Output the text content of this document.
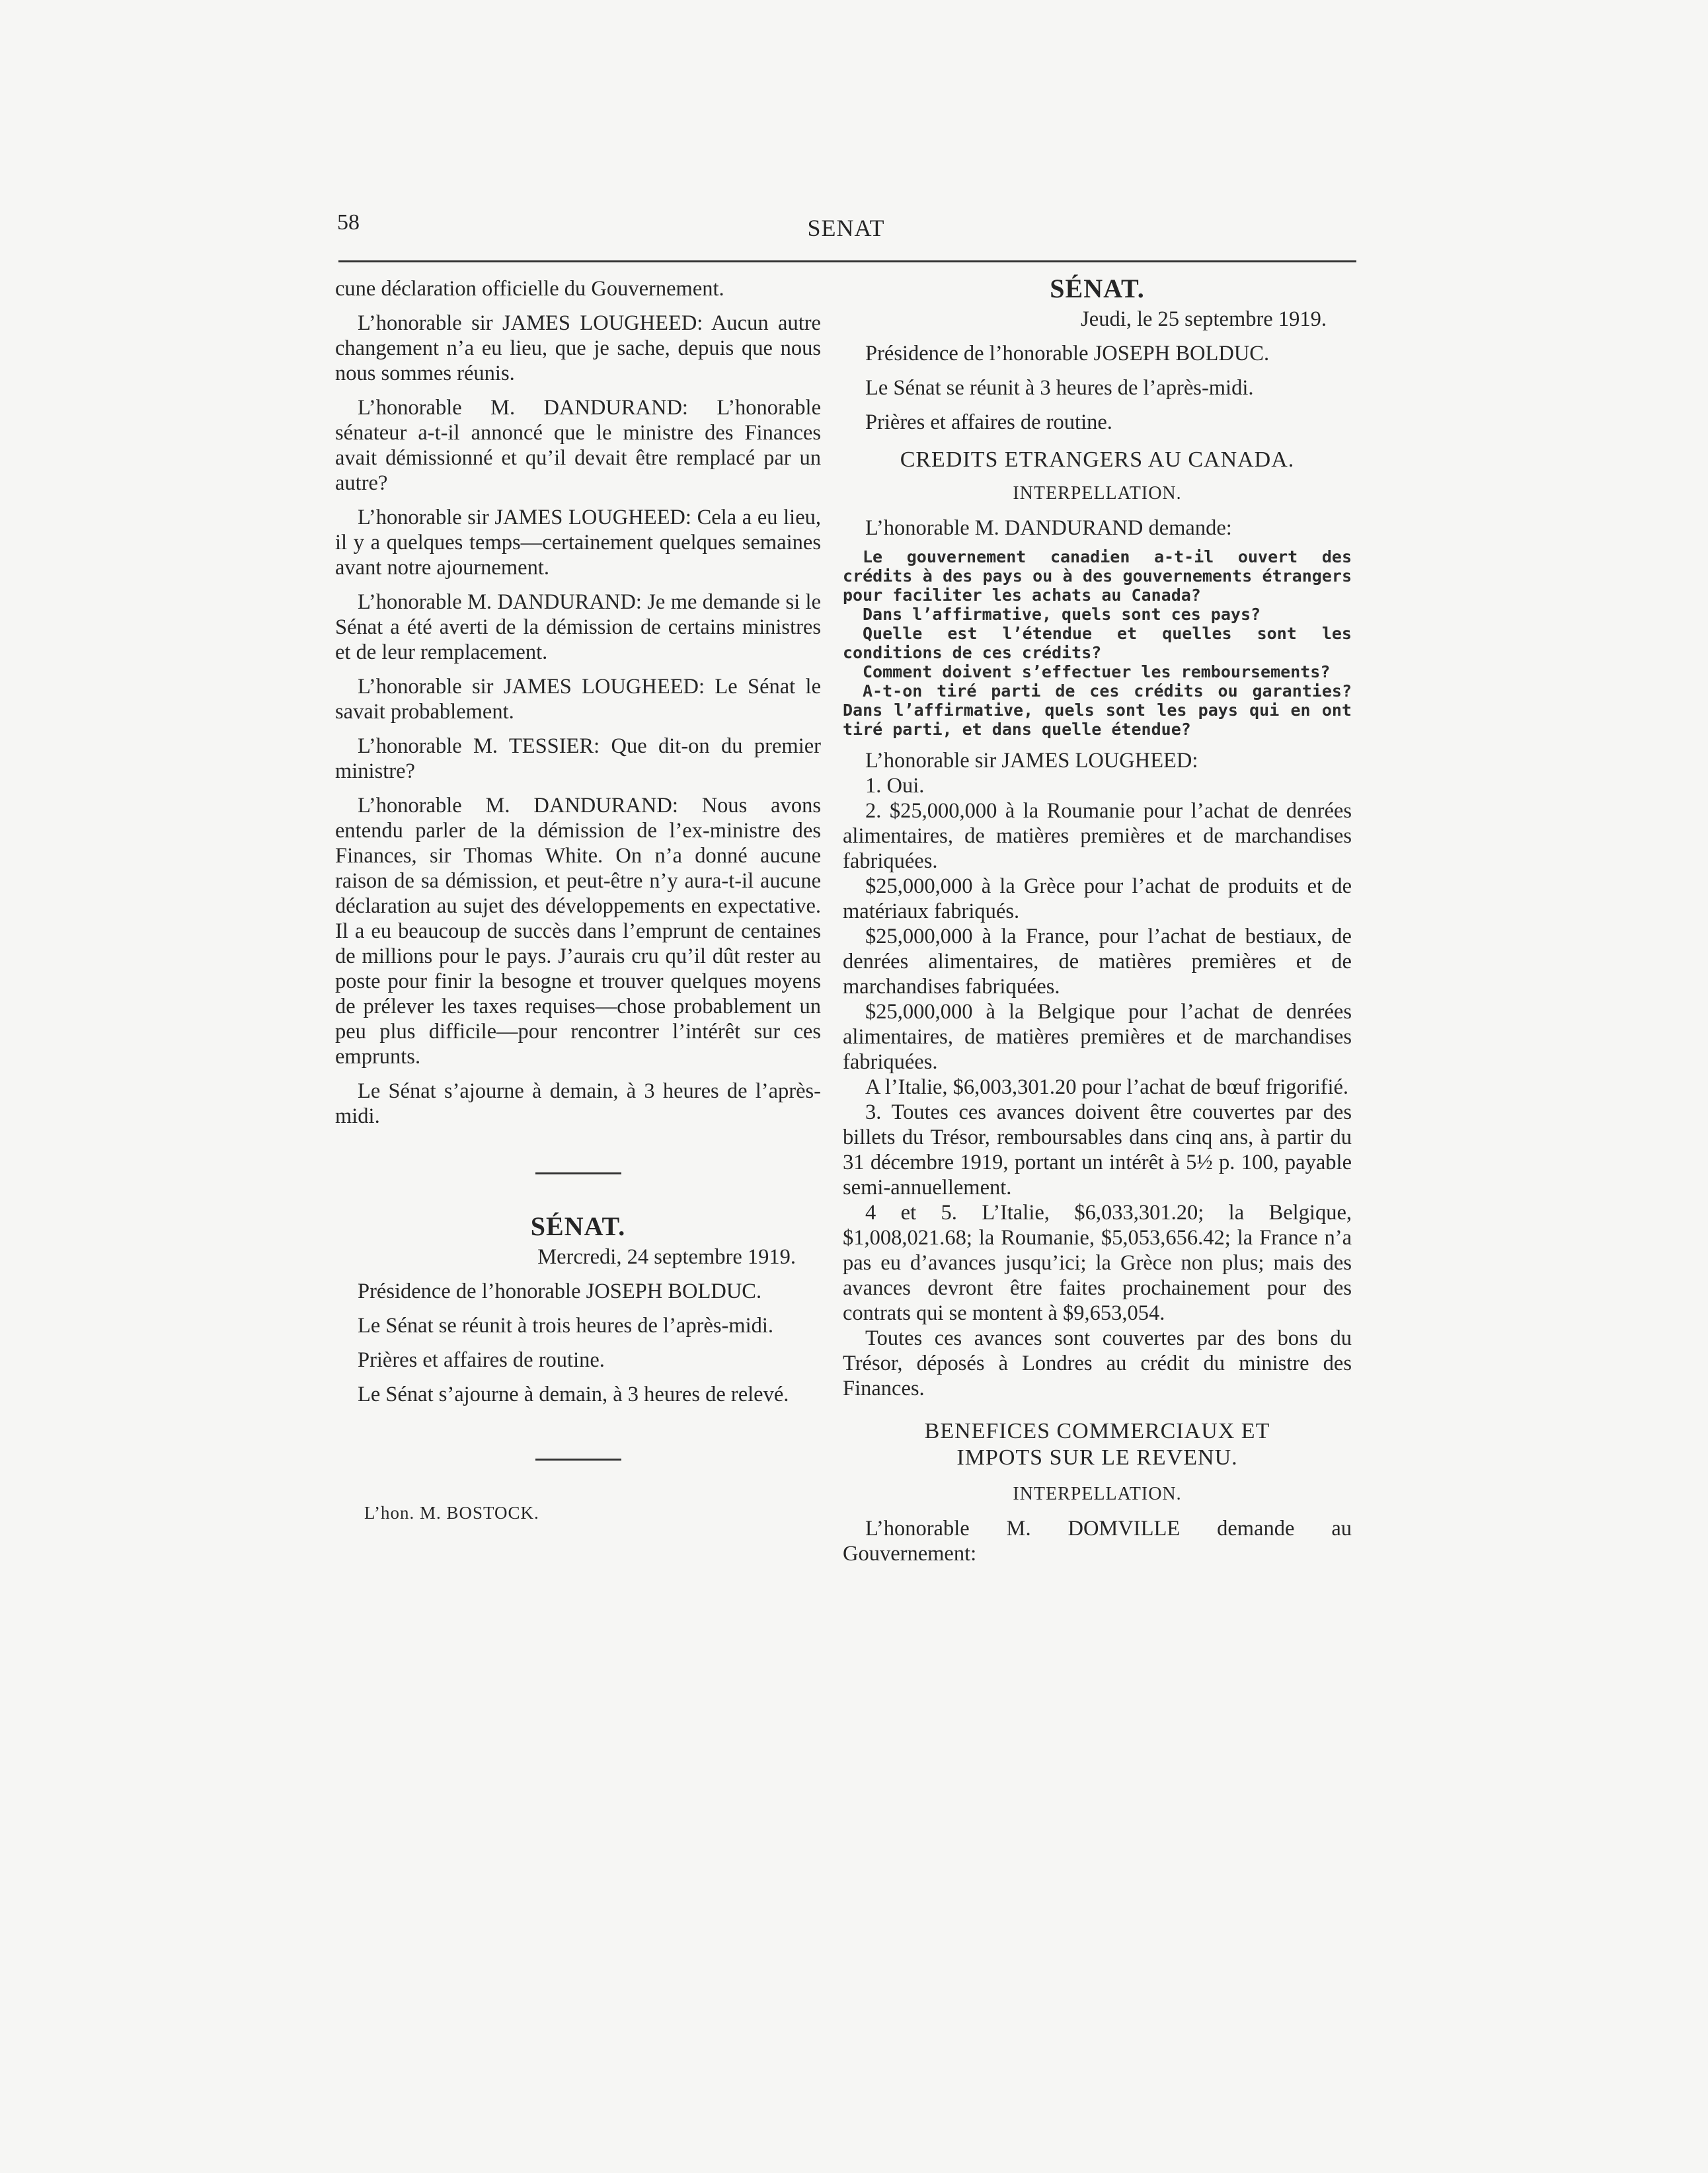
58	SENAT

cune déclaration officielle du Gouvernement.

L’honorable sir JAMES LOUGHEED: Aucun autre changement n’a eu lieu, que je sache, depuis que nous nous sommes réunis.

L’honorable M. DANDURAND: L’honorable sénateur a-t-il annoncé que le ministre des Finances avait démissionné et qu’il devait être remplacé par un autre?

L’honorable sir JAMES LOUGHEED: Cela a eu lieu, il y a quelques temps—certainement quelques semaines avant notre ajournement.

L’honorable M. DANDURAND: Je me demande si le Sénat a été averti de la démission de certains ministres et de leur remplacement.

L’honorable sir JAMES LOUGHEED: Le Sénat le savait probablement.

L’honorable M. TESSIER: Que dit-on du premier ministre?

L’honorable M. DANDURAND: Nous avons entendu parler de la démission de l’ex-ministre des Finances, sir Thomas White. On n’a donné aucune raison de sa démission, et peut-être n’y aura-t-il aucune déclaration au sujet des développements en expectative. Il a eu beaucoup de succès dans l’emprunt de centaines de millions pour le pays. J’aurais cru qu’il dût rester au poste pour finir la besogne et trouver quelques moyens de prélever les taxes requises—chose probablement un peu plus difficile—pour rencontrer l’intérêt sur ces emprunts.

Le Sénat s’ajourne à demain, à 3 heures de l’après-midi.

SÉNAT.

Mercredi, 24 septembre 1919.

Présidence de l’honorable JOSEPH BOLDUC.

Le Sénat se réunit à trois heures de l’après-midi.

Prières et affaires de routine.

Le Sénat s’ajourne à demain, à 3 heures de relevé.

L’hon. M. BOSTOCK.

SÉNAT.

Jeudi, le 25 septembre 1919.

Présidence de l’honorable JOSEPH BOLDUC.

Le Sénat se réunit à 3 heures de l’après-midi.

Prières et affaires de routine.

CREDITS ETRANGERS AU CANADA.

INTERPELLATION.

L’honorable M. DANDURAND demande:

Le gouvernement canadien a-t-il ouvert des crédits à des pays ou à des gouvernements étrangers pour faciliter les achats au Canada?

Dans l’affirmative, quels sont ces pays?

Quelle est l’étendue et quelles sont les conditions de ces crédits?

Comment doivent s’effectuer les remboursements?

A-t-on tiré parti de ces crédits ou garanties? Dans l’affirmative, quels sont les pays qui en ont tiré parti, et dans quelle étendue?

L’honorable sir JAMES LOUGHEED:

1. Oui.

2. $25,000,000 à la Roumanie pour l’achat de denrées alimentaires, de matières premières et de marchandises fabriquées.

$25,000,000 à la Grèce pour l’achat de produits et de matériaux fabriqués.

$25,000,000 à la France, pour l’achat de bestiaux, de denrées alimentaires, de matières premières et de marchandises fabriquées.

$25,000,000 à la Belgique pour l’achat de denrées alimentaires, de matières premières et de marchandises fabriquées.

A l’Italie, $6,003,301.20 pour l’achat de bœuf frigorifié.

3. Toutes ces avances doivent être couvertes par des billets du Trésor, remboursables dans cinq ans, à partir du 31 décembre 1919, portant un intérêt à 5½ p. 100, payable semi-annuellement.

4 et 5. L’Italie, $6,033,301.20; la Belgique, $1,008,021.68; la Roumanie, $5,053,656.42; la France n’a pas eu d’avances jusqu’ici; la Grèce non plus; mais des avances devront être faites prochainement pour des contrats qui se montent à $9,653,054.

Toutes ces avances sont couvertes par des bons du Trésor, déposés à Londres au crédit du ministre des Finances.

BENEFICES COMMERCIAUX ET

IMPOTS SUR LE REVENU.

INTERPELLATION.

L’honorable M. DOMVILLE demande au Gouvernement:
